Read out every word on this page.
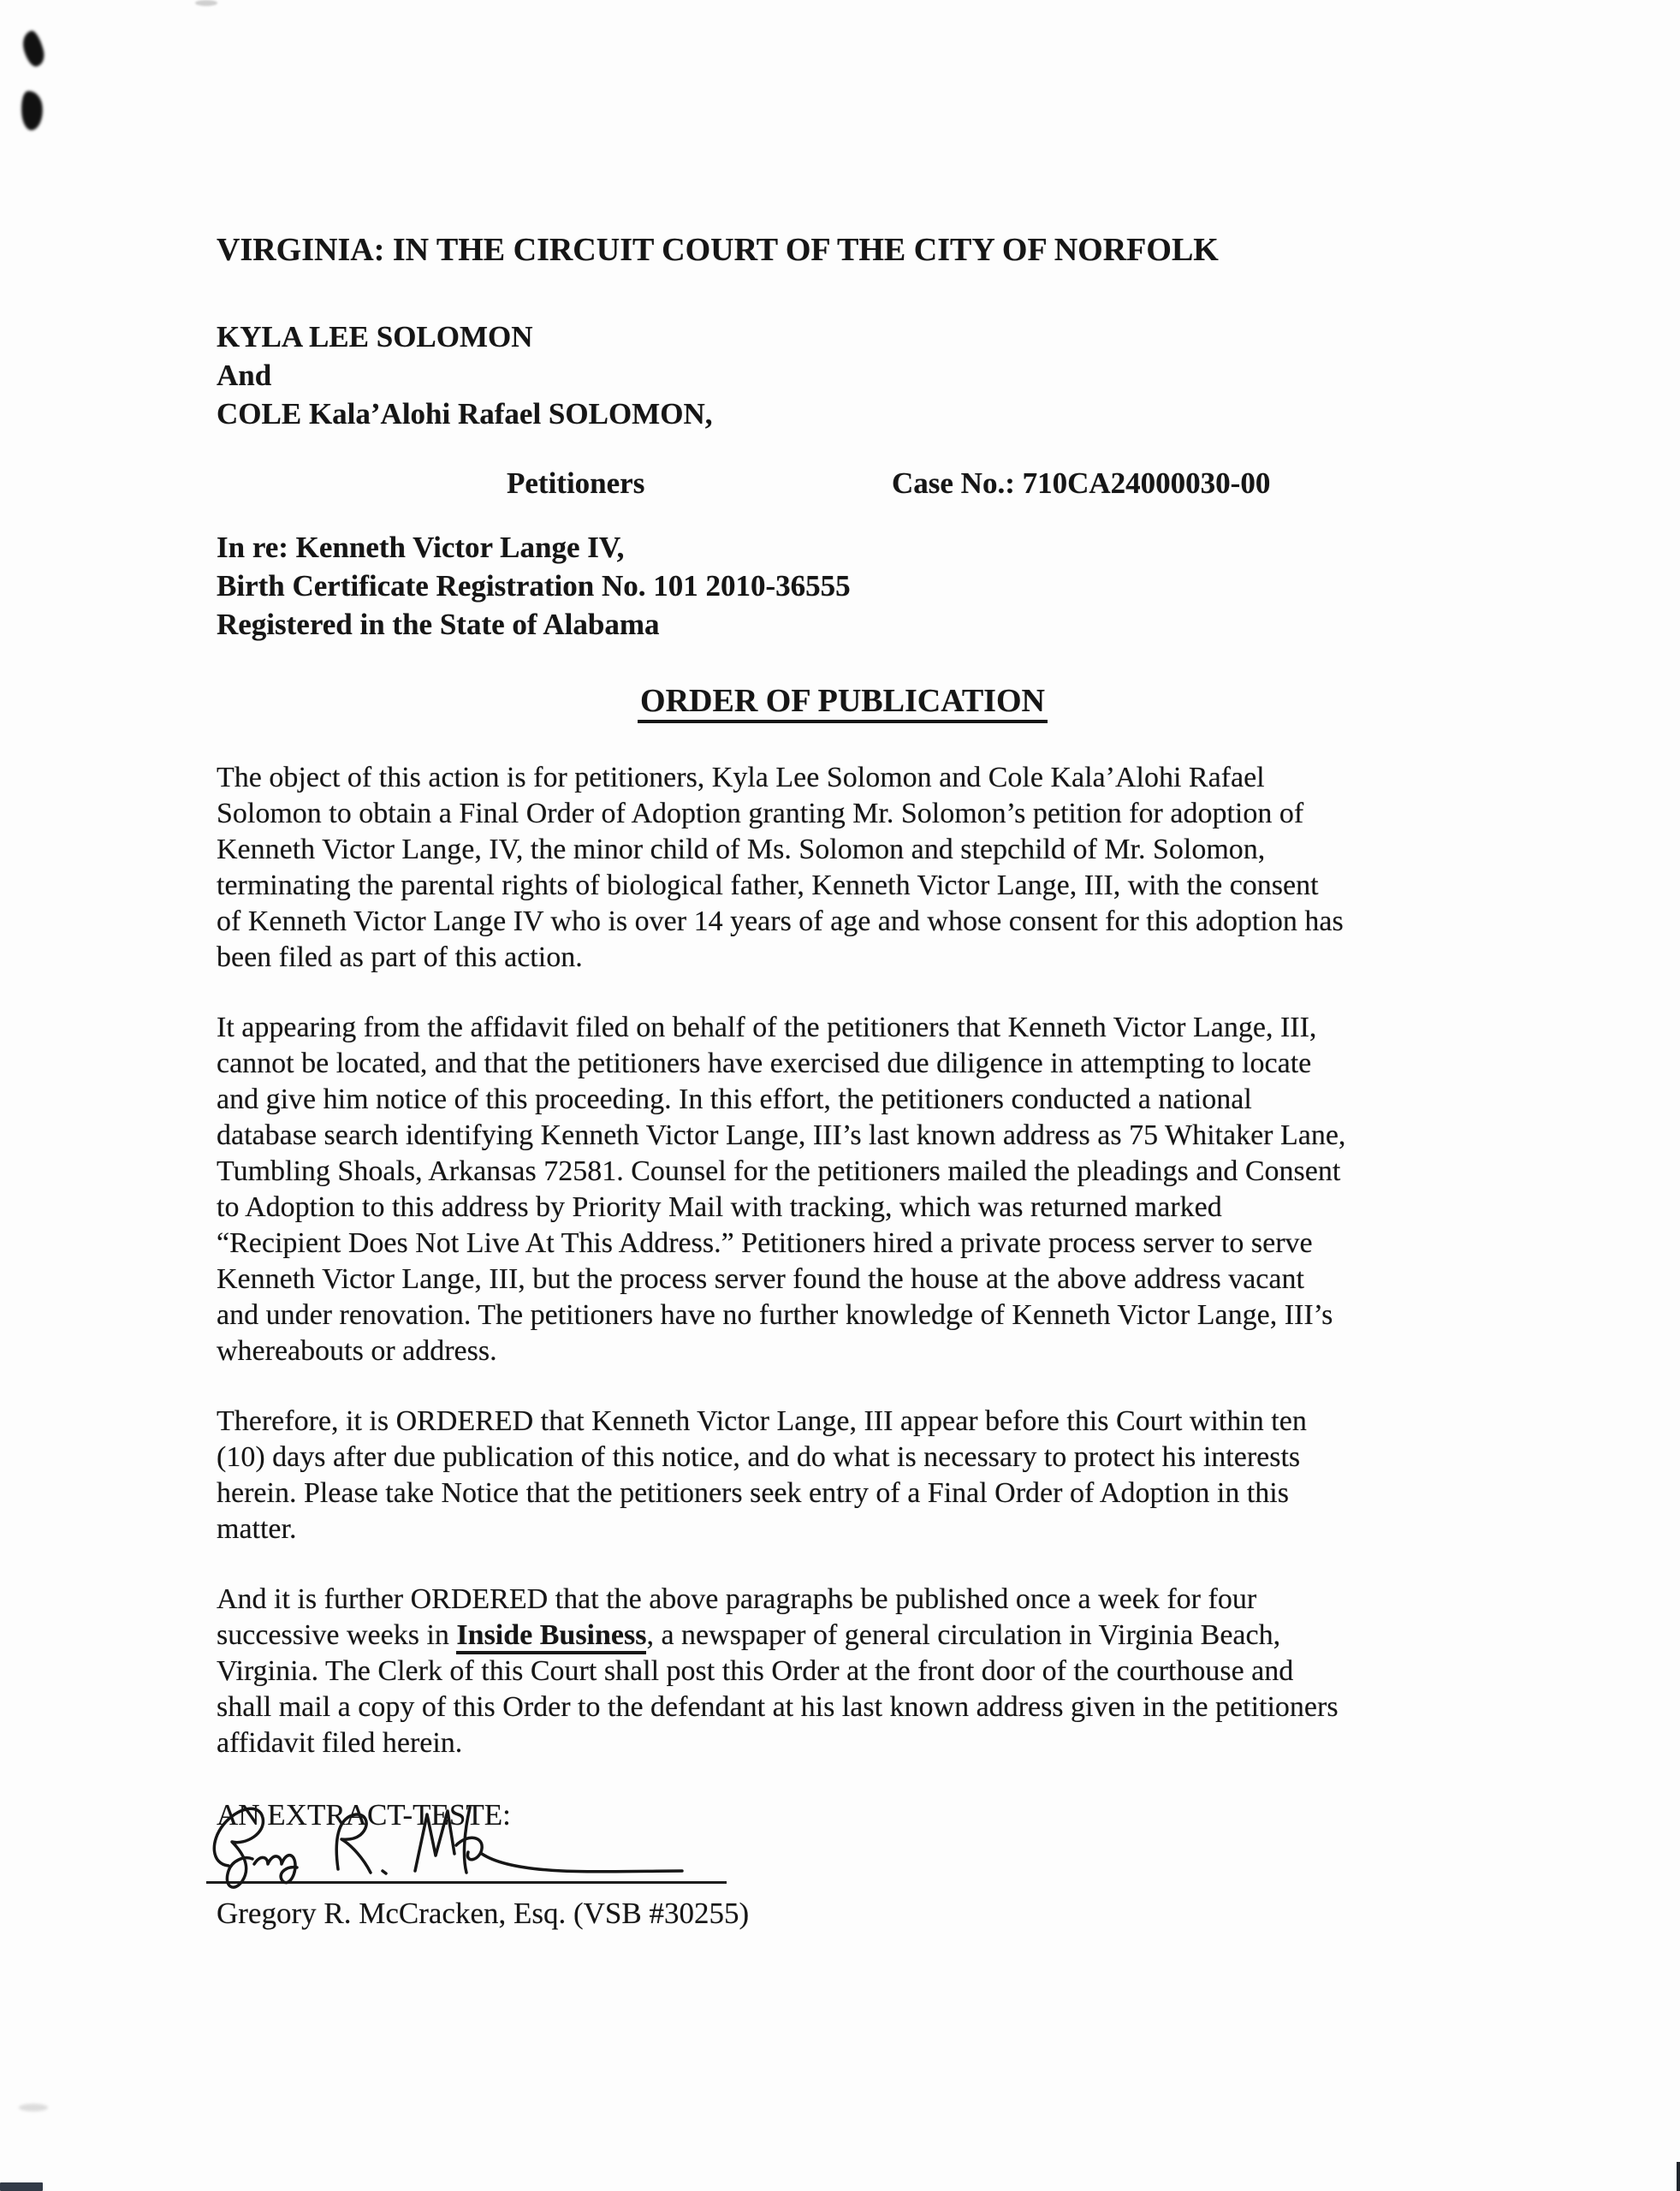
VIRGINIA: IN THE CIRCUIT COURT OF THE CITY OF NORFOLK
KYLA LEE SOLOMON
And
COLE Kala’Alohi Rafael SOLOMON,
Petitioners	Case No.: 710CA24000030-00
In re: Kenneth Victor Lange IV,
Birth Certificate Registration No. 101 2010-36555
Registered in the State of Alabama
ORDER OF PUBLICATION
The object of this action is for petitioners, Kyla Lee Solomon and Cole Kala’Alohi Rafael
Solomon to obtain a Final Order of Adoption granting Mr. Solomon’s petition for adoption of
Kenneth Victor Lange, IV, the minor child of Ms. Solomon and stepchild of Mr. Solomon,
terminating the parental rights of biological father, Kenneth Victor Lange, III, with the consent
of Kenneth Victor Lange IV who is over 14 years of age and whose consent for this adoption has
been filed as part of this action.
It appearing from the affidavit filed on behalf of the petitioners that Kenneth Victor Lange, III,
cannot be located, and that the petitioners have exercised due diligence in attempting to locate
and give him notice of this proceeding. In this effort, the petitioners conducted a national
database search identifying Kenneth Victor Lange, III’s last known address as 75 Whitaker Lane,
Tumbling Shoals, Arkansas 72581. Counsel for the petitioners mailed the pleadings and Consent
to Adoption to this address by Priority Mail with tracking, which was returned marked
“Recipient Does Not Live At This Address.” Petitioners hired a private process server to serve
Kenneth Victor Lange, III, but the process server found the house at the above address vacant
and under renovation. The petitioners have no further knowledge of Kenneth Victor Lange, III’s
whereabouts or address.
Therefore, it is ORDERED that Kenneth Victor Lange, III appear before this Court within ten
(10) days after due publication of this notice, and do what is necessary to protect his interests
herein. Please take Notice that the petitioners seek entry of a Final Order of Adoption in this
matter.
And it is further ORDERED that the above paragraphs be published once a week for four
successive weeks in Inside Business, a newspaper of general circulation in Virginia Beach,
Virginia. The Clerk of this Court shall post this Order at the front door of the courthouse and
shall mail a copy of this Order to the defendant at his last known address given in the petitioners
affidavit filed herein.
AN EXTRACT-TESTE:
Gregory R. McCracken, Esq. (VSB #30255)
